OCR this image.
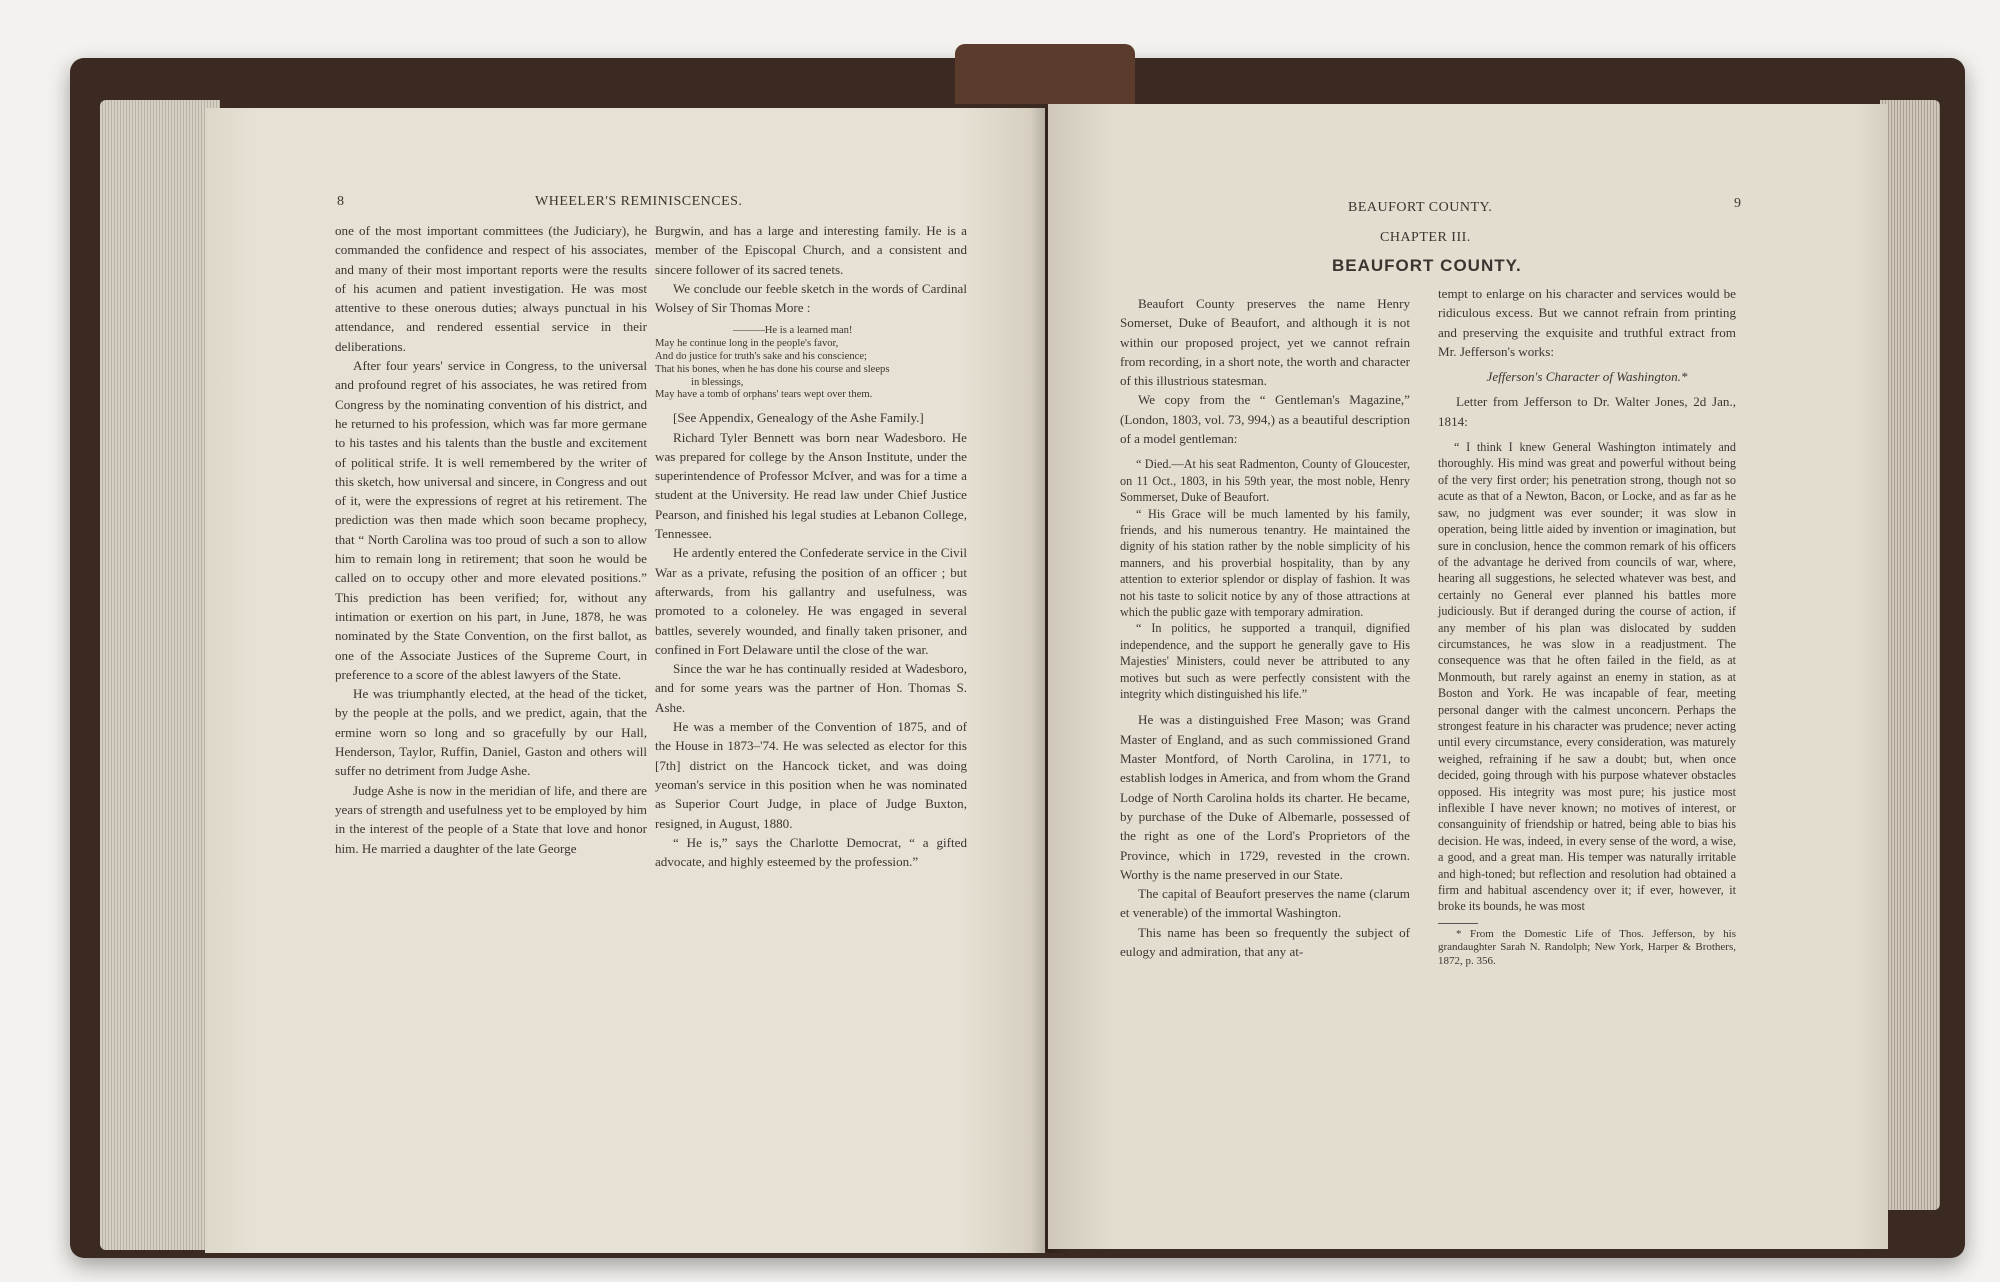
8	WHEELER'S REMINISCENCES.

one of the most important committees (the Judiciary), he commanded the confidence and respect of his associates, and many of their most important reports were the results of his acumen and patient investigation. He was most attentive to these onerous duties; always punctual in his attendance, and rendered essential service in their deliberations.

After four years' service in Congress, to the universal and profound regret of his associates, he was retired from Congress by the nominating convention of his district, and he returned to his profession, which was far more germane to his tastes and his talents than the bustle and excitement of political strife. It is well remembered by the writer of this sketch, how universal and sincere, in Congress and out of it, were the expressions of regret at his retirement. The prediction was then made which soon became prophecy, that “ North Carolina was too proud of such a son to allow him to remain long in retirement; that soon he would be called on to occupy other and more elevated positions.” This prediction has been verified; for, without any intimation or exertion on his part, in June, 1878, he was nominated by the State Convention, on the first ballot, as one of the Associate Justices of the Supreme Court, in preference to a score of the ablest lawyers of the State.

He was triumphantly elected, at the head of the ticket, by the people at the polls, and we predict, again, that the ermine worn so long and so gracefully by our Hall, Henderson, Taylor, Ruffin, Daniel, Gaston and others will suffer no detriment from Judge Ashe.

Judge Ashe is now in the meridian of life, and there are years of strength and usefulness yet to be employed by him in the interest of the people of a State that love and honor him. He married a daughter of the late George

Burgwin, and has a large and interesting family. He is a member of the Episcopal Church, and a consistent and sincere follower of its sacred tenets.

We conclude our feeble sketch in the words of Cardinal Wolsey of Sir Thomas More :

———He is a learned man!
May he continue long in the people's favor,
And do justice for truth's sake and his conscience;
That his bones, when he has done his course and sleeps
in blessings,
May have a tomb of orphans' tears wept over them.

[See Appendix, Genealogy of the Ashe Family.]

Richard Tyler Bennett was born near Wadesboro. He was prepared for college by the Anson Institute, under the superintendence of Professor McIver, and was for a time a student at the University. He read law under Chief Justice Pearson, and finished his legal studies at Lebanon College, Tennessee.

He ardently entered the Confederate service in the Civil War as a private, refusing the position of an officer ; but afterwards, from his gallantry and usefulness, was promoted to a coloneley. He was engaged in several battles, severely wounded, and finally taken prisoner, and confined in Fort Delaware until the close of the war.

Since the war he has continually resided at Wadesboro, and for some years was the partner of Hon. Thomas S. Ashe.

He was a member of the Convention of 1875, and of the House in 1873–'74. He was selected as elector for this [7th] district on the Hancock ticket, and was doing yeoman's service in this position when he was nominated as Superior Court Judge, in place of Judge Buxton, resigned, in August, 1880.

“ He is,” says the Charlotte Democrat, “ a gifted advocate, and highly esteemed by the profession.”

BEAUFORT COUNTY.	9
CHAPTER III.
BEAUFORT COUNTY.

Beaufort County preserves the name Henry Somerset, Duke of Beaufort, and although it is not within our proposed project, yet we cannot refrain from recording, in a short note, the worth and character of this illustrious statesman.

We copy from the “ Gentleman's Magazine,” (London, 1803, vol. 73, 994,) as a beautiful description of a model gentleman:

“ Died.—At his seat Radmenton, County of Gloucester, on 11 Oct., 1803, in his 59th year, the most noble, Henry Sommerset, Duke of Beaufort.

“ His Grace will be much lamented by his family, friends, and his numerous tenantry. He maintained the dignity of his station rather by the noble simplicity of his manners, and his proverbial hospitality, than by any attention to exterior splendor or display of fashion. It was not his taste to solicit notice by any of those attractions at which the public gaze with temporary admiration.

“ In politics, he supported a tranquil, dignified independence, and the support he generally gave to His Majesties' Ministers, could never be attributed to any motives but such as were perfectly consistent with the integrity which distinguished his life.”

He was a distinguished Free Mason; was Grand Master of England, and as such commissioned Grand Master Montford, of North Carolina, in 1771, to establish lodges in America, and from whom the Grand Lodge of North Carolina holds its charter. He became, by purchase of the Duke of Albemarle, possessed of the right as one of the Lord's Proprietors of the Province, which in 1729, revested in the crown. Worthy is the name preserved in our State.

The capital of Beaufort preserves the name (clarum et venerable) of the immortal Washington.

This name has been so frequently the subject of eulogy and admiration, that any at-

tempt to enlarge on his character and services would be ridiculous excess. But we cannot refrain from printing and preserving the exquisite and truthful extract from Mr. Jefferson's works:

Jefferson's Character of Washington.*

Letter from Jefferson to Dr. Walter Jones, 2d Jan., 1814:

“ I think I knew General Washington intimately and thoroughly. His mind was great and powerful without being of the very first order; his penetration strong, though not so acute as that of a Newton, Bacon, or Locke, and as far as he saw, no judgment was ever sounder; it was slow in operation, being little aided by invention or imagination, but sure in conclusion, hence the common remark of his officers of the advantage he derived from councils of war, where, hearing all suggestions, he selected whatever was best, and certainly no General ever planned his battles more judiciously. But if deranged during the course of action, if any member of his plan was dislocated by sudden circumstances, he was slow in a readjustment. The consequence was that he often failed in the field, as at Monmouth, but rarely against an enemy in station, as at Boston and York. He was incapable of fear, meeting personal danger with the calmest unconcern. Perhaps the strongest feature in his character was prudence; never acting until every circumstance, every consideration, was maturely weighed, refraining if he saw a doubt; but, when once decided, going through with his purpose whatever obstacles opposed. His integrity was most pure; his justice most inflexible I have never known; no motives of interest, or consanguinity of friendship or hatred, being able to bias his decision. He was, indeed, in every sense of the word, a wise, a good, and a great man. His temper was naturally irritable and high-toned; but reflection and resolution had obtained a firm and habitual ascendency over it; if ever, however, it broke its bounds, he was most

* From the Domestic Life of Thos. Jefferson, by his grandaughter Sarah N. Randolph; New York, Harper & Brothers, 1872, p. 356.
